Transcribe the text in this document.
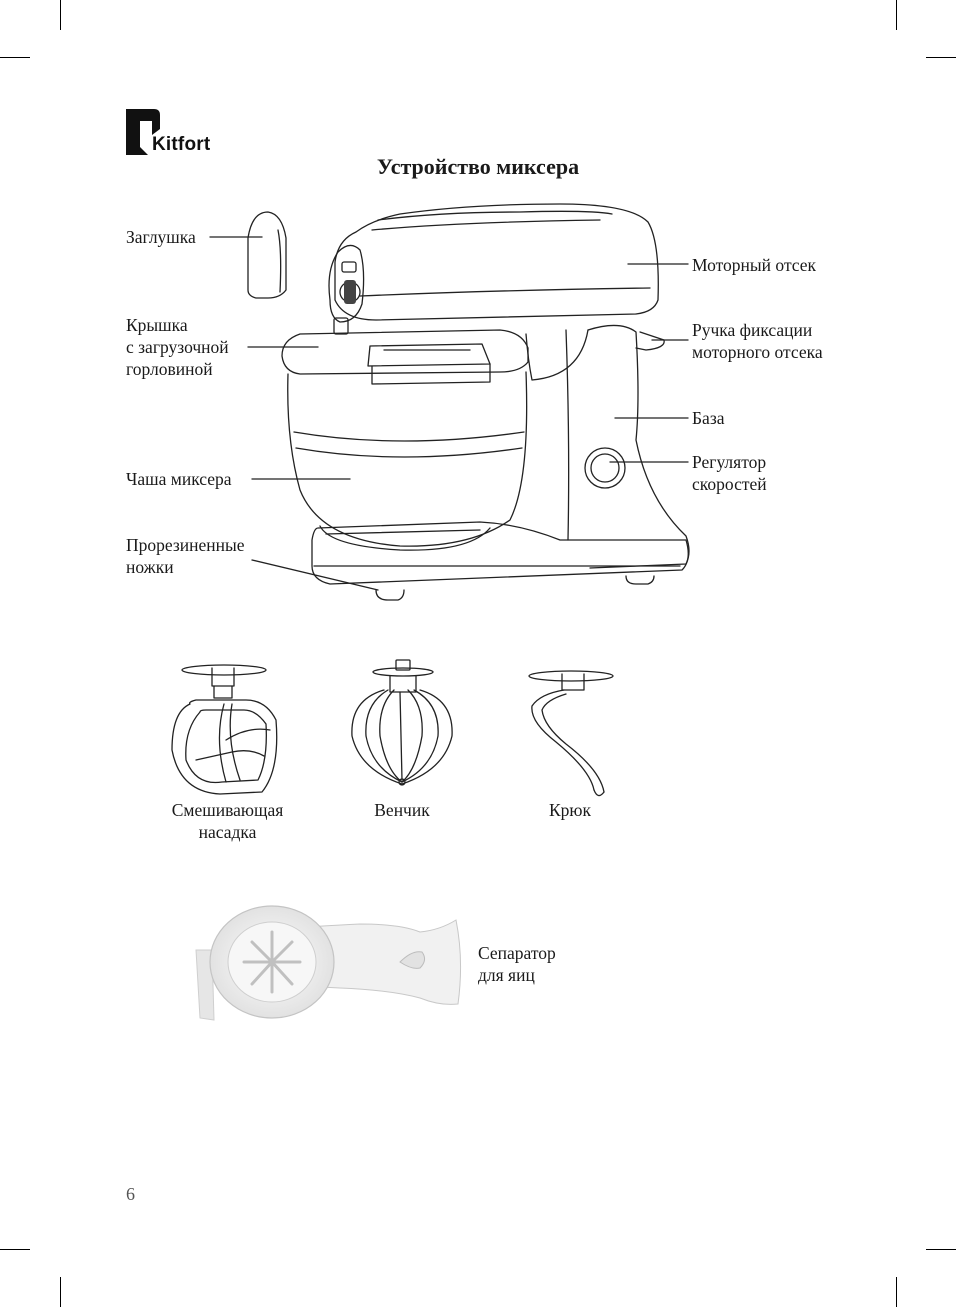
Kitfort
Устройство миксера
Заглушка
Крышка
с загрузочной
горловиной
Чаша миксера
Прорезиненные
ножки
Моторный отсек
Ручка фиксации
моторного отсека
База
Регулятор
скоростей
Смешивающая
насадка
Венчик	Крюк
Сепаратор
для яиц
6
